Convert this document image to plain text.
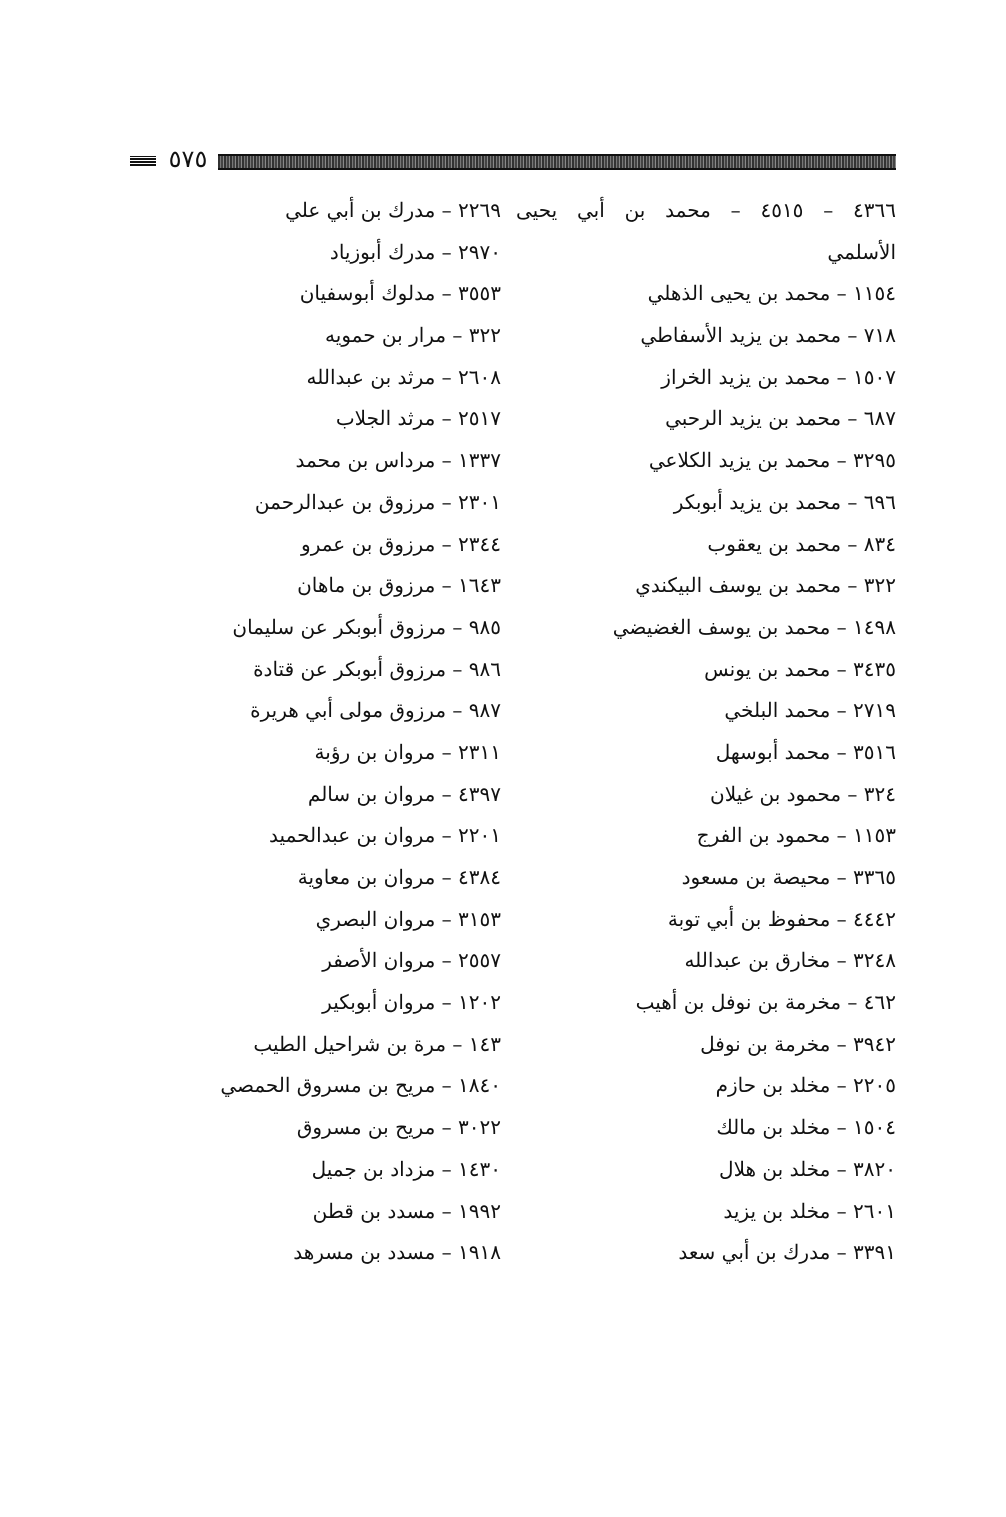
٥٧٥
٤٣٦٦ – ٤٥١٥ – محمد بن أبي يحيى
الأسلمي
١١٥٤ – محمد بن يحيى الذهلي
٧١٨ – محمد بن يزيد الأسفاطي
١٥٠٧ – محمد بن يزيد الخراز
٦٨٧ – محمد بن يزيد الرحبي
٣٢٩٥ – محمد بن يزيد الكلاعي
٦٩٦ – محمد بن يزيد أبوبكر
٨٣٤ – محمد بن يعقوب
٣٢٢ – محمد بن يوسف البيكندي
١٤٩٨ – محمد بن يوسف الغضيضي
٣٤٣٥ – محمد بن يونس
٢٧١٩ – محمد البلخي
٣٥١٦ – محمد أبوسهل
٣٢٤ – محمود بن غيلان
١١٥٣ – محمود بن الفرج
٣٣٦٥ – محيصة بن مسعود
٤٤٤٢ – محفوظ بن أبي توبة
٣٢٤٨ – مخارق بن عبدالله
٤٦٢ – مخرمة بن نوفل بن أهيب
٣٩٤٢ – مخرمة بن نوفل
٢٢٠٥ – مخلد بن حازم
١٥٠٤ – مخلد بن مالك
٣٨٢٠ – مخلد بن هلال
٢٦٠١ – مخلد بن يزيد
٣٣٩١ – مدرك بن أبي سعد
٢٢٦٩ – مدرك بن أبي علي
٢٩٧٠ – مدرك أبوزياد
٣٥٥٣ – مدلوك أبوسفيان
٣٢٢ – مرار بن حمويه
٢٦٠٨ – مرثد بن عبدالله
٢٥١٧ – مرثد الجلاب
١٣٣٧ – مرداس بن محمد
٢٣٠١ – مرزوق بن عبدالرحمن
٢٣٤٤ – مرزوق بن عمرو
١٦٤٣ – مرزوق بن ماهان
٩٨٥ – مرزوق أبوبكر عن سليمان
٩٨٦ – مرزوق أبوبكر عن قتادة
٩٨٧ – مرزوق مولى أبي هريرة
٢٣١١ – مروان بن رؤبة
٤٣٩٧ – مروان بن سالم
٢٢٠١ – مروان بن عبدالحميد
٤٣٨٤ – مروان بن معاوية
٣١٥٣ – مروان البصري
٢٥٥٧ – مروان الأصفر
١٢٠٢ – مروان أبوبكير
١٤٣ – مرة بن شراحيل الطيب
١٨٤٠ – مريح بن مسروق الحمصي
٣٠٢٢ – مريح بن مسروق
١٤٣٠ – مزداد بن جميل
١٩٩٢ – مسدد بن قطن
١٩١٨ – مسدد بن مسرهد
